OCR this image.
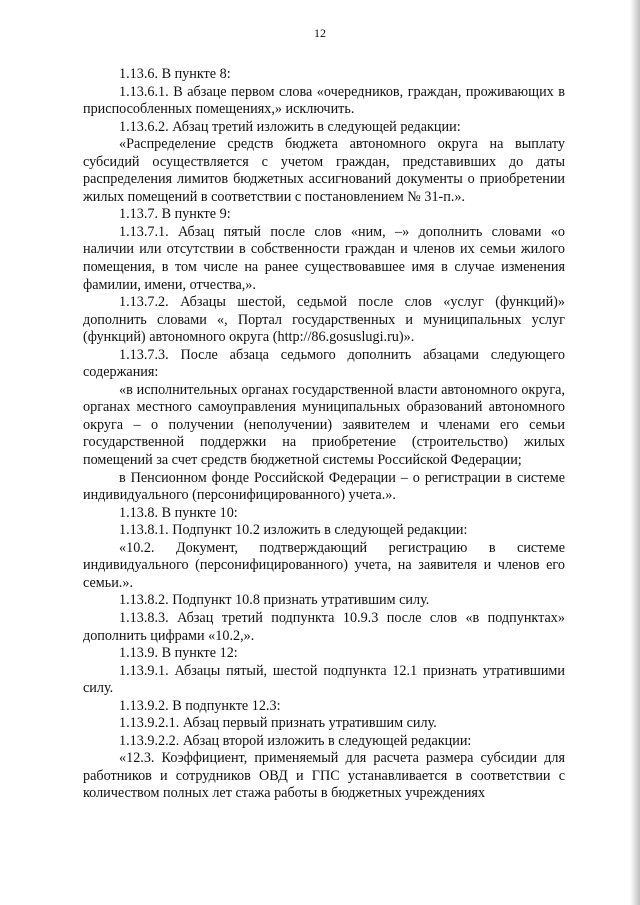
12

1.13.6. В пункте 8:

1.13.6.1. В абзаце первом слова «очередников, граждан, проживающих в приспособленных помещениях,» исключить.

1.13.6.2. Абзац третий изложить в следующей редакции:

«Распределение средств бюджета автономного округа на выплату субсидий осуществляется с учетом граждан, представивших до даты распределения лимитов бюджетных ассигнований документы о приобретении жилых помещений в соответствии с постановлением № 31-п.».

1.13.7. В пункте 9:

1.13.7.1. Абзац пятый после слов «ним, –» дополнить словами «о наличии или отсутствии в собственности граждан и членов их семьи жилого помещения, в том числе на ранее существовавшее имя в случае изменения фамилии, имени, отчества,».

1.13.7.2. Абзацы шестой, седьмой после слов «услуг (функций)» дополнить словами «, Портал государственных и муниципальных услуг (функций) автономного округа (http://86.gosuslugi.ru)».

1.13.7.3. После абзаца седьмого дополнить абзацами следующего содержания:

«в исполнительных органах государственной власти автономного округа, органах местного самоуправления муниципальных образований автономного округа – о получении (неполучении) заявителем и членами его семьи государственной поддержки на приобретение (строительство) жилых помещений за счет средств бюджетной системы Российской Федерации;

в Пенсионном фонде Российской Федерации – о регистрации в системе индивидуального (персонифицированного) учета.».

1.13.8. В пункте 10:

1.13.8.1. Подпункт 10.2 изложить в следующей редакции:

«10.2. Документ, подтверждающий регистрацию в системе индивидуального (персонифицированного) учета, на заявителя и членов его семьи.».

1.13.8.2. Подпункт 10.8 признать утратившим силу.

1.13.8.3. Абзац третий подпункта 10.9.3 после слов «в подпунктах» дополнить цифрами «10.2,».

1.13.9. В пункте 12:

1.13.9.1. Абзацы пятый, шестой подпункта 12.1 признать утратившими силу.

1.13.9.2. В подпункте 12.3:

1.13.9.2.1. Абзац первый признать утратившим силу.

1.13.9.2.2. Абзац второй изложить в следующей редакции:

«12.3. Коэффициент, применяемый для расчета размера субсидии для работников и сотрудников ОВД и ГПС устанавливается в соответствии с количеством полных лет стажа работы в бюджетных учреждениях
